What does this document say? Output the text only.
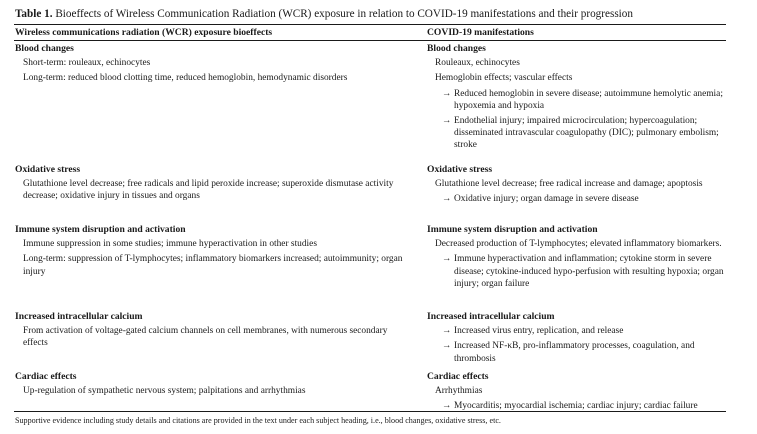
Table 1. Bioeffects of Wireless Communication Radiation (WCR) exposure in relation to COVID-19 manifestations and their progression
Wireless communications radiation (WCR) exposure bioeffects	COVID-19 manifestations
Blood changes
Short-term: rouleaux, echinocytes
Long-term: reduced blood clotting time, reduced hemoglobin, hemodynamic disorders
Oxidative stress
Glutathione level decrease; free radicals and lipid peroxide increase; superoxide dismutase activity decrease; oxidative injury in tissues and organs
Immune system disruption and activation
Immune suppression in some studies; immune hyperactivation in other studies
Long-term: suppression of T-lymphocytes; inflammatory biomarkers increased; autoimmunity; organ injury
Increased intracellular calcium
From activation of voltage-gated calcium channels on cell membranes, with numerous secondary effects
Cardiac effects
Up-regulation of sympathetic nervous system; palpitations and arrhythmias
Blood changes
Rouleaux, echinocytes
Hemoglobin effects; vascular effects
→ Reduced hemoglobin in severe disease; autoimmune hemolytic anemia; hypoxemia and hypoxia
→ Endothelial injury; impaired microcirculation; hypercoagulation; disseminated intravascular coagulopathy (DIC); pulmonary embolism; stroke
Oxidative stress
Glutathione level decrease; free radical increase and damage; apoptosis
→ Oxidative injury; organ damage in severe disease
Immune system disruption and activation
Decreased production of T-lymphocytes; elevated inflammatory biomarkers.
→ Immune hyperactivation and inflammation; cytokine storm in severe disease; cytokine-induced hypo-perfusion with resulting hypoxia; organ injury; organ failure
Increased intracellular calcium
→ Increased virus entry, replication, and release
→ Increased NF-κB, pro-inflammatory processes, coagulation, and thrombosis
Cardiac effects
Arrhythmias
→ Myocarditis; myocardial ischemia; cardiac injury; cardiac failure
Supportive evidence including study details and citations are provided in the text under each subject heading, i.e., blood changes, oxidative stress, etc.
